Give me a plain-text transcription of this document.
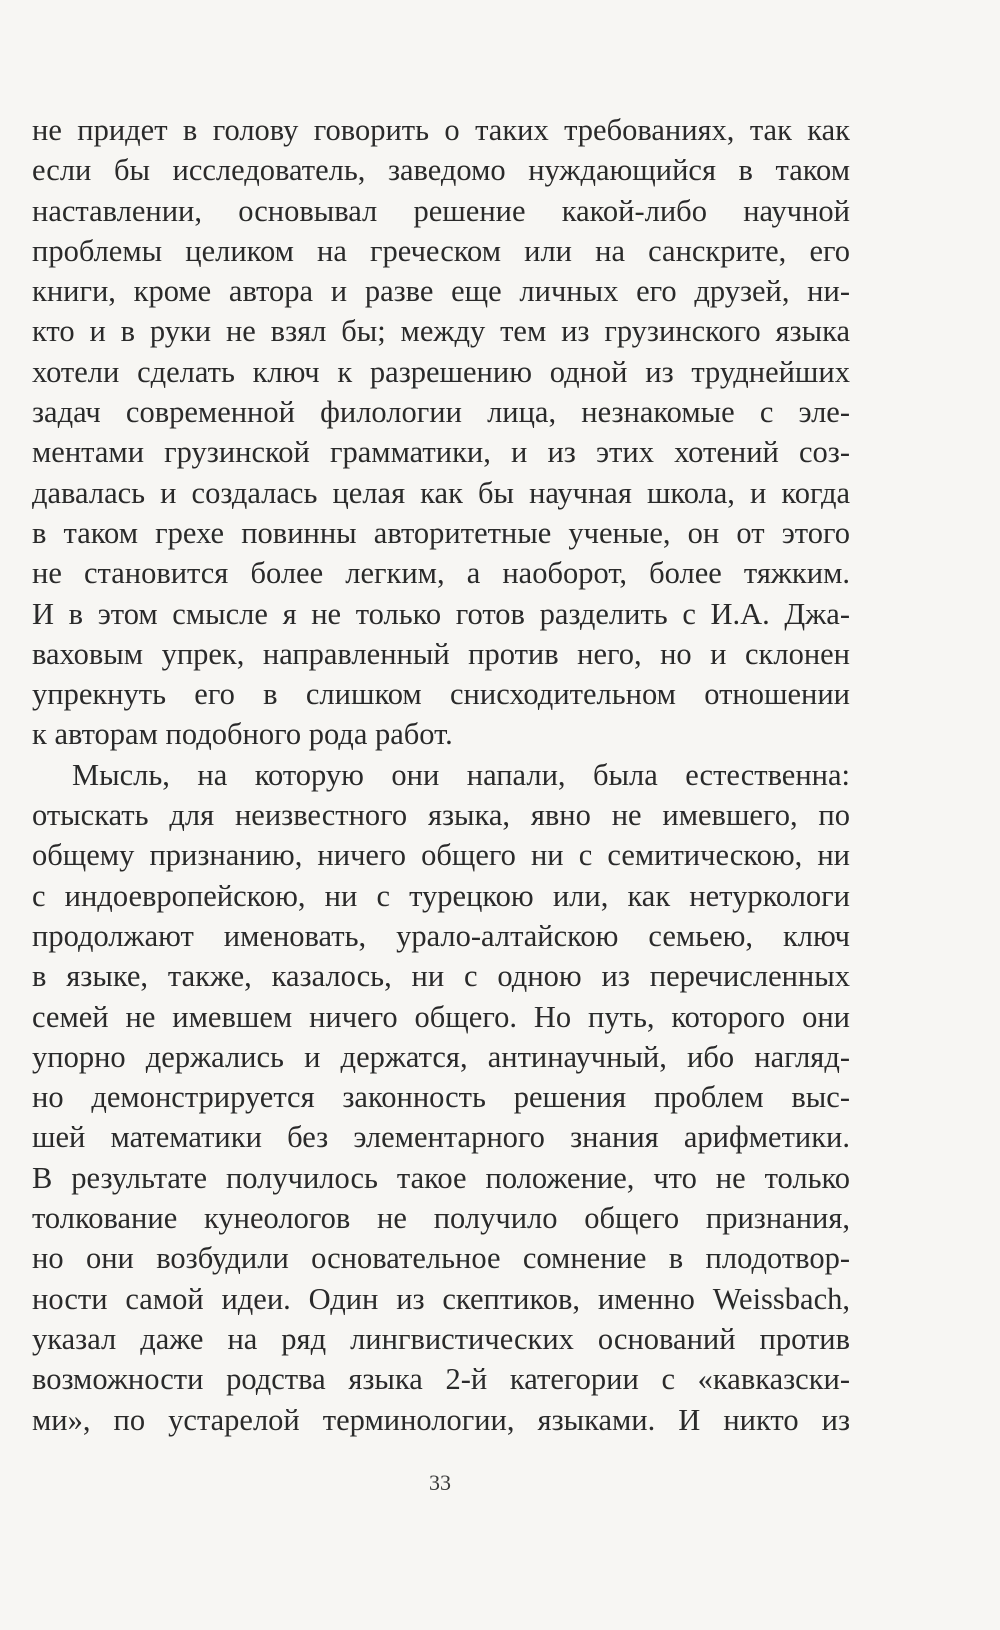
не придет в голову говорить о таких требованиях, так как
если бы исследователь, заведомо нуждающийся в таком
наставлении, основывал решение какой-либо научной
проблемы целиком на греческом или на санскрите, его
книги, кроме автора и разве еще личных его друзей, ни-
кто и в руки не взял бы; между тем из грузинского языка
хотели сделать ключ к разрешению одной из труднейших
задач современной филологии лица, незнакомые с эле-
ментами грузинской грамматики, и из этих хотений соз-
давалась и создалась целая как бы научная школа, и когда
в таком грехе повинны авторитетные ученые, он от этого
не становится более легким, а наоборот, более тяжким.
И в этом смысле я не только готов разделить с И.А. Джа-
ваховым упрек, направленный против него, но и склонен
упрекнуть его в слишком снисходительном отношении
к авторам подобного рода работ.
Мысль, на которую они напали, была естественна:
отыскать для неизвестного языка, явно не имевшего, по
общему признанию, ничего общего ни с семитическою, ни
с индоевропейскою, ни с турецкою или, как нетуркологи
продолжают именовать, урало-алтайскою семьею, ключ
в языке, также, казалось, ни с одною из перечисленных
семей не имевшем ничего общего. Но путь, которого они
упорно держались и держатся, антинаучный, ибо нагляд-
но демонстрируется законность решения проблем выс-
шей математики без элементарного знания арифметики.
В результате получилось такое положение, что не только
толкование кунеологов не получило общего признания,
но они возбудили основательное сомнение в плодотвор-
ности самой идеи. Один из скептиков, именно Weissbach,
указал даже на ряд лингвистических оснований против
возможности родства языка 2-й категории с «кавказски-
ми», по устарелой терминологии, языками. И никто из
33
